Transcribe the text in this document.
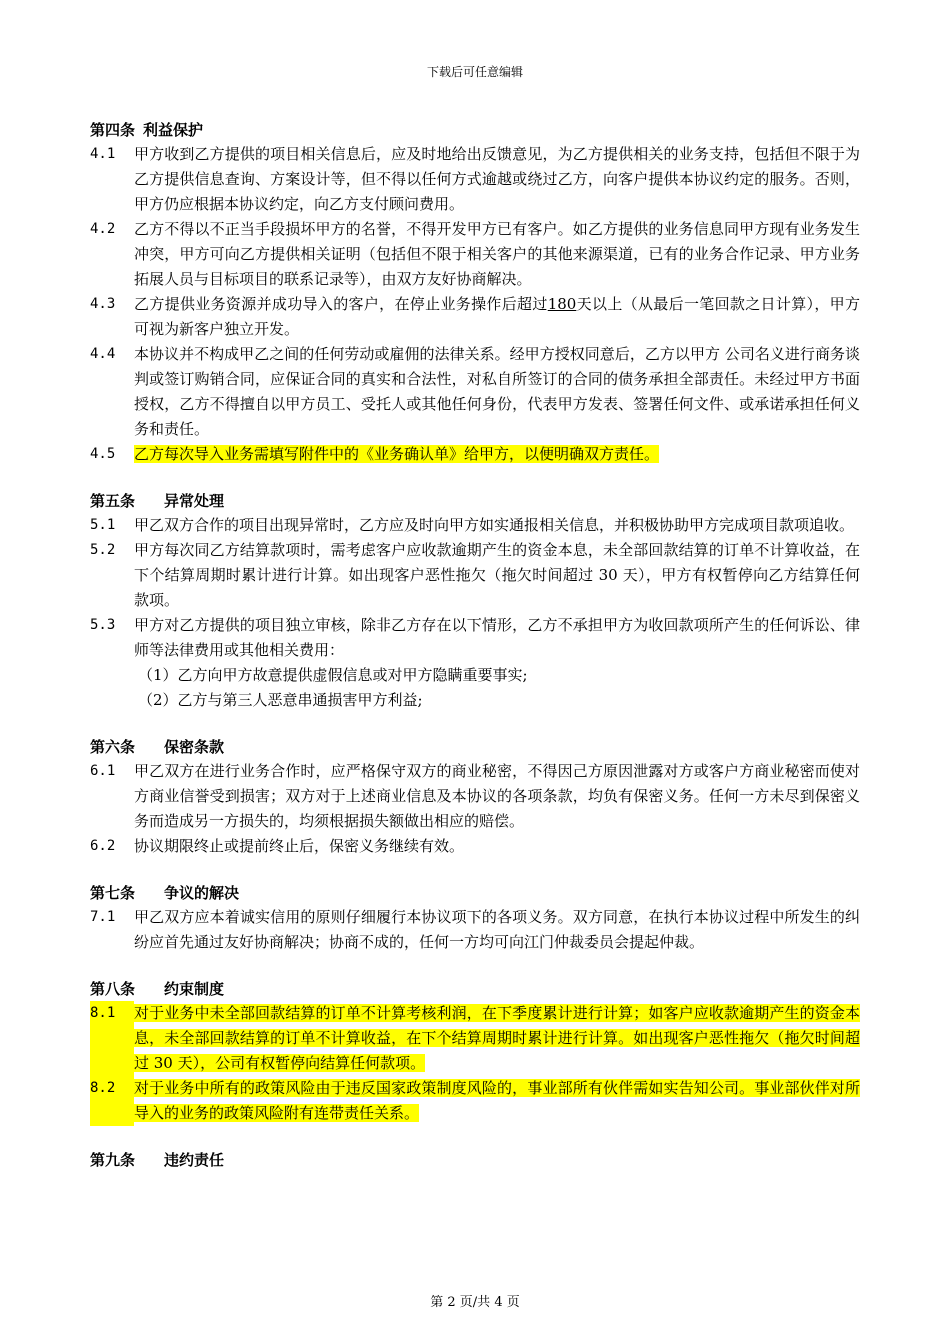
下载后可任意编辑

第四条 利益保护

4.1	甲方收到乙方提供的项目相关信息后，应及时地给出反馈意见，为乙方提供相关的业务支持，包括但不限于为乙方提供信息查询、方案设计等，但不得以任何方式逾越或绕过乙方，向客户提供本协议约定的服务。否则，甲方仍应根据本协议约定，向乙方支付顾问费用。
4.2	乙方不得以不正当手段损坏甲方的名誉，不得开发甲方已有客户。如乙方提供的业务信息同甲方现有业务发生冲突，甲方可向乙方提供相关证明（包括但不限于相关客户的其他来源渠道，已有的业务合作记录、甲方业务拓展人员与目标项目的联系记录等），由双方友好协商解决。
4.3	乙方提供业务资源并成功导入的客户，在停止业务操作后超过180天以上（从最后一笔回款之日计算），甲方可视为新客户独立开发。
4.4	本协议并不构成甲乙之间的任何劳动或雇佣的法律关系。经甲方授权同意后，乙方以甲方 公司名义进行商务谈判或签订购销合同，应保证合同的真实和合法性，对私自所签订的合同的债务承担全部责任。未经过甲方书面授权，乙方不得擅自以甲方员工、受托人或其他任何身份，代表甲方发表、签署任何文件、或承诺承担任何义务和责任。
4.5	乙方每次导入业务需填写附件中的《业务确认单》给甲方，以便明确双方责任。

第五条 异常处理

5.1	甲乙双方合作的项目出现异常时，乙方应及时向甲方如实通报相关信息，并积极协助甲方完成项目款项追收。
5.2	甲方每次同乙方结算款项时，需考虑客户应收款逾期产生的资金本息，未全部回款结算的订单不计算收益，在下个结算周期时累计进行计算。如出现客户恶性拖欠（拖欠时间超过 30 天），甲方有权暂停向乙方结算任何款项。
5.3	甲方对乙方提供的项目独立审核，除非乙方存在以下情形，乙方不承担甲方为收回款项所产生的任何诉讼、律师等法律费用或其他相关费用：

（1）乙方向甲方故意提供虚假信息或对甲方隐瞒重要事实;

（2）乙方与第三人恶意串通损害甲方利益;

第六条 保密条款

6.1	甲乙双方在进行业务合作时，应严格保守双方的商业秘密，不得因己方原因泄露对方或客户方商业秘密而使对方商业信誉受到损害；双方对于上述商业信息及本协议的各项条款，均负有保密义务。任何一方未尽到保密义务而造成另一方损失的，均须根据损失额做出相应的赔偿。
6.2	协议期限终止或提前终止后，保密义务继续有效。

第七条 争议的解决

7.1	甲乙双方应本着诚实信用的原则仔细履行本协议项下的各项义务。双方同意，在执行本协议过程中所发生的纠纷应首先通过友好协商解决；协商不成的，任何一方均可向江门仲裁委员会提起仲裁。

第八条 约束制度

8.1	对于业务中未全部回款结算的订单不计算考核利润，在下季度累计进行计算；如客户应收款逾期产生的资金本息，未全部回款结算的订单不计算收益，在下个结算周期时累计进行计算。如出现客户恶性拖欠（拖欠时间超过 30 天），公司有权暂停向结算任何款项。
8.2	对于业务中所有的政策风险由于违反国家政策制度风险的，事业部所有伙伴需如实告知公司。事业部伙伴对所导入的业务的政策风险附有连带责任关系。

第九条 违约责任

第 2 页/共 4 页
